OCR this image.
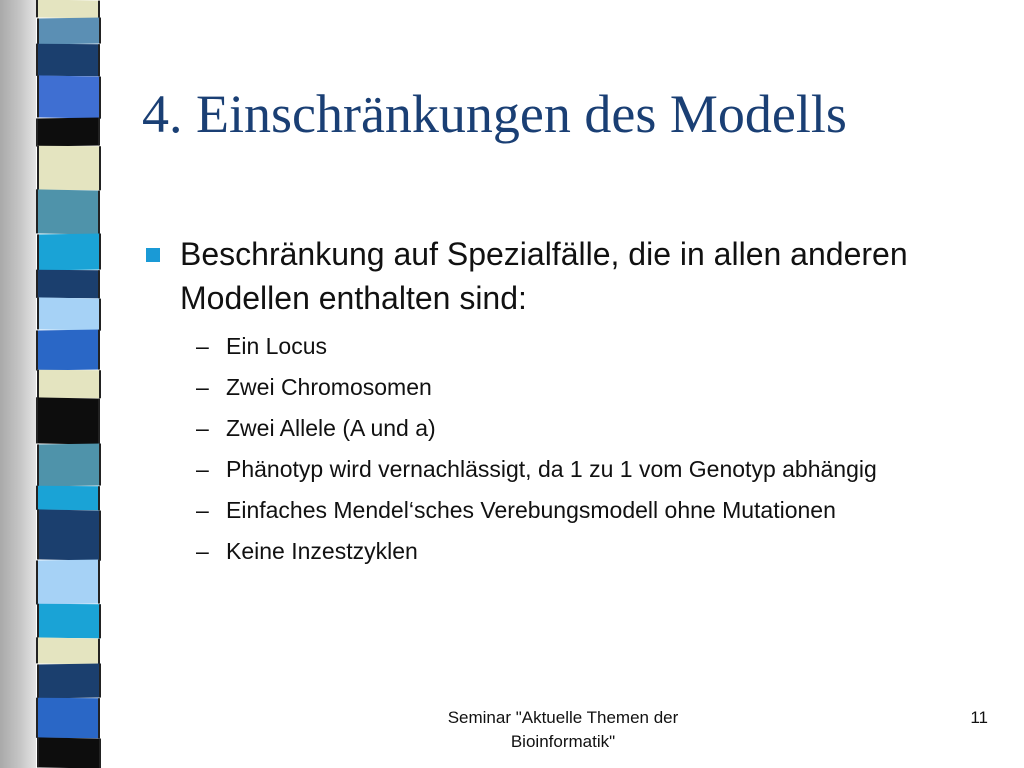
4. Einschränkungen des Modells
Beschränkung auf Spezialfälle, die in allen anderen Modellen enthalten sind:
– Ein Locus
– Zwei Chromosomen
– Zwei Allele (A und a)
– Phänotyp wird vernachlässigt, da 1 zu 1 vom Genotyp abhängig
– Einfaches Mendel‘sches Verebungsmodell ohne Mutationen
– Keine Inzestzyklen
Seminar "Aktuelle Themen der
Bioinformatik"
11
